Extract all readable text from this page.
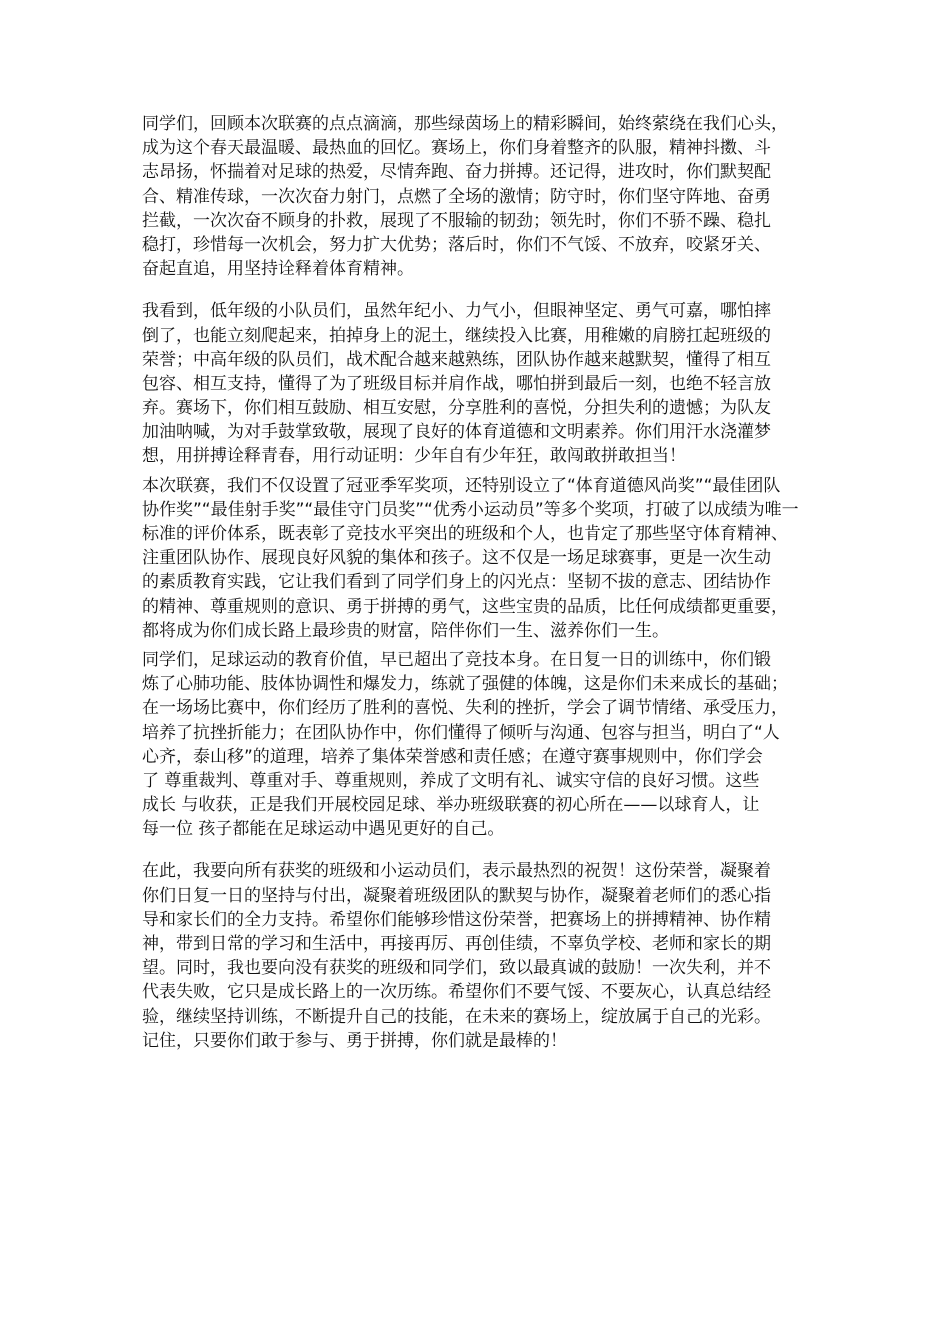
同学们，回顾本次联赛的点点滴滴，那些绿茵场上的精彩瞬间，始终萦绕在我们心头，
成为这个春天最温暖、最热血的回忆。赛场上，你们身着整齐的队服，精神抖擞、斗
志昂扬，怀揣着对足球的热爱，尽情奔跑、奋力拼搏。还记得，进攻时，你们默契配
合、精准传球，一次次奋力射门，点燃了全场的激情；防守时，你们坚守阵地、奋勇
拦截，一次次奋不顾身的扑救，展现了不服输的韧劲；领先时，你们不骄不躁、稳扎
稳打，珍惜每一次机会，努力扩大优势；落后时，你们不气馁、不放弃，咬紧牙关、
奋起直追，用坚持诠释着体育精神。
我看到，低年级的小队员们，虽然年纪小、力气小，但眼神坚定、勇气可嘉，哪怕摔
倒了，也能立刻爬起来，拍掉身上的泥土，继续投入比赛，用稚嫩的肩膀扛起班级的
荣誉；中高年级的队员们，战术配合越来越熟练，团队协作越来越默契，懂得了相互
包容、相互支持，懂得了为了班级目标并肩作战，哪怕拼到最后一刻，也绝不轻言放
弃。赛场下，你们相互鼓励、相互安慰，分享胜利的喜悦，分担失利的遗憾；为队友
加油呐喊，为对手鼓掌致敬，展现了良好的体育道德和文明素养。你们用汗水浇灌梦
想，用拼搏诠释青春，用行动证明：少年自有少年狂，敢闯敢拼敢担当！
本次联赛，我们不仅设置了冠亚季军奖项，还特别设立了“体育道德风尚奖”“最佳团队
协作奖”“最佳射手奖”“最佳守门员奖”“优秀小运动员”等多个奖项，打破了以成绩为唯一
标准的评价体系，既表彰了竞技水平突出的班级和个人，也肯定了那些坚守体育精神、
注重团队协作、展现良好风貌的集体和孩子。这不仅是一场足球赛事，更是一次生动
的素质教育实践，它让我们看到了同学们身上的闪光点：坚韧不拔的意志、团结协作
的精神、尊重规则的意识、勇于拼搏的勇气，这些宝贵的品质，比任何成绩都更重要，
都将成为你们成长路上最珍贵的财富，陪伴你们一生、滋养你们一生。
同学们，足球运动的教育价值，早已超出了竞技本身。在日复一日的训练中，你们锻
炼了心肺功能、肢体协调性和爆发力，练就了强健的体魄，这是你们未来成长的基础；
在一场场比赛中，你们经历了胜利的喜悦、失利的挫折，学会了调节情绪、承受压力，
培养了抗挫折能力；在团队协作中，你们懂得了倾听与沟通、包容与担当，明白了“人
心齐，泰山移”的道理，培养了集体荣誉感和责任感；在遵守赛事规则中，你们学会
了 尊重裁判、尊重对手、尊重规则，养成了文明有礼、诚实守信的良好习惯。这些
成长 与收获，正是我们开展校园足球、举办班级联赛的初心所在——以球育人，让
每一位 孩子都能在足球运动中遇见更好的自己。
在此，我要向所有获奖的班级和小运动员们，表示最热烈的祝贺！这份荣誉，凝聚着
你们日复一日的坚持与付出，凝聚着班级团队的默契与协作，凝聚着老师们的悉心指
导和家长们的全力支持。希望你们能够珍惜这份荣誉，把赛场上的拼搏精神、协作精
神，带到日常的学习和生活中，再接再厉、再创佳绩，不辜负学校、老师和家长的期
望。同时，我也要向没有获奖的班级和同学们，致以最真诚的鼓励！一次失利，并不
代表失败，它只是成长路上的一次历练。希望你们不要气馁、不要灰心，认真总结经
验，继续坚持训练，不断提升自己的技能，在未来的赛场上，绽放属于自己的光彩。
记住，只要你们敢于参与、勇于拼搏，你们就是最棒的！
